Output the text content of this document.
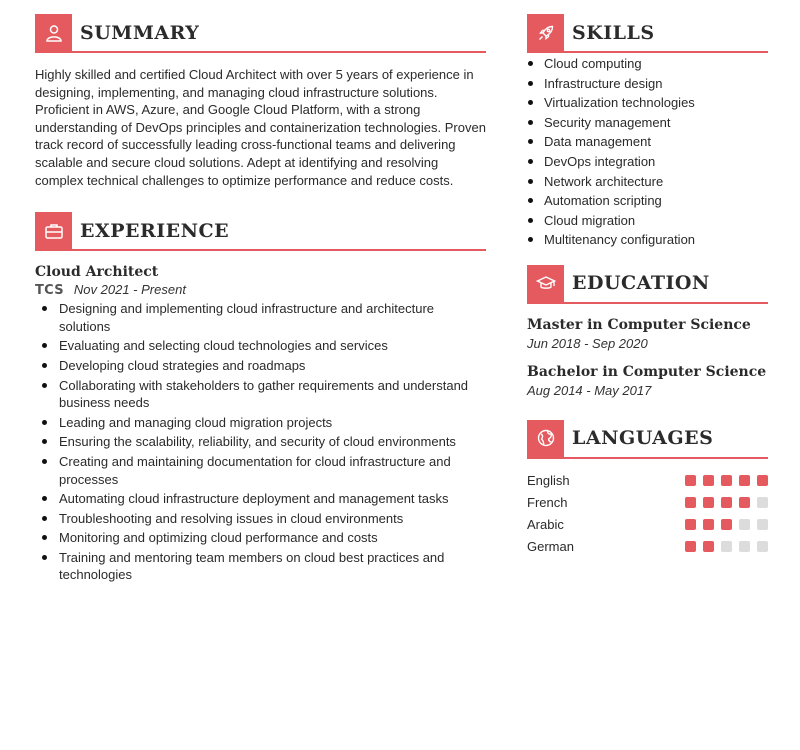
SUMMARY
Highly skilled and certified Cloud Architect with over 5 years of experience in designing, implementing, and managing cloud infrastructure solutions. Proficient in AWS, Azure, and Google Cloud Platform, with a strong understanding of DevOps principles and containerization technologies. Proven track record of successfully leading cross-functional teams and delivering scalable and secure cloud solutions. Adept at identifying and resolving complex technical challenges to optimize performance and reduce costs.
EXPERIENCE
Cloud Architect
TCS Nov 2021 - Present
Designing and implementing cloud infrastructure and architecture solutions
Evaluating and selecting cloud technologies and services
Developing cloud strategies and roadmaps
Collaborating with stakeholders to gather requirements and understand business needs
Leading and managing cloud migration projects
Ensuring the scalability, reliability, and security of cloud environments
Creating and maintaining documentation for cloud infrastructure and processes
Automating cloud infrastructure deployment and management tasks
Troubleshooting and resolving issues in cloud environments
Monitoring and optimizing cloud performance and costs
Training and mentoring team members on cloud best practices and technologies
SKILLS
Cloud computing
Infrastructure design
Virtualization technologies
Security management
Data management
DevOps integration
Network architecture
Automation scripting
Cloud migration
Multitenancy configuration
EDUCATION
Master in Computer Science
Jun 2018 - Sep 2020
Bachelor in Computer Science
Aug 2014 - May 2017
LANGUAGES
English
French
Arabic
German
